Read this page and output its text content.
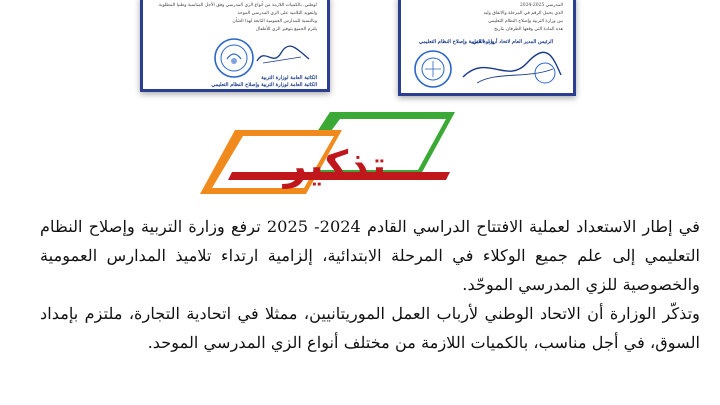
لوطني. بالكميات اللازمة من أنواع الزي المدرسي وفق الأجل المناسبة وطنيا المطلوبة
ولتعويد التلاميذ على الزي المدرسي الموحد
وبالنسبة للمدارس العمومية التابعة لهذا الشأن
يلتزم الجميع بتوفير الزي للأطفال
الكاتبة العامة لوزارة التربية
الكاتبة العامة لوزارة التربية وإصلاح النظام التعليمي
المدرسي 2025-2024
الذي يحمل الرقم في المرحلة والاتفاق وليد
بين وزارة التربية وإصلاح النظام التعليمي
هذه المادة التي وقعها الطرفان بتاريخ
الرئيس المدير العام لاتحاد أرباب العمل
وزارة التربية وإصلاح النظام التعليمي
تذكير

في إطار الاستعداد لعملية الافتتاح الدراسي القادم 2024- 2025 ترفع وزارة التربية وإصلاح النظام التعليمي إلى علم جميع الوكلاء في المرحلة الابتدائية، إلزامية ارتداء تلاميذ المدارس العمومية والخصوصية للزي المدرسي الموحّد.

وتذكّر الوزارة أن الاتحاد الوطني لأرباب العمل الموريتانيين، ممثلا في اتحادية التجارة، ملتزم بإمداد السوق، في أجل مناسب، بالكميات اللازمة من مختلف أنواع الزي المدرسي الموحد.
